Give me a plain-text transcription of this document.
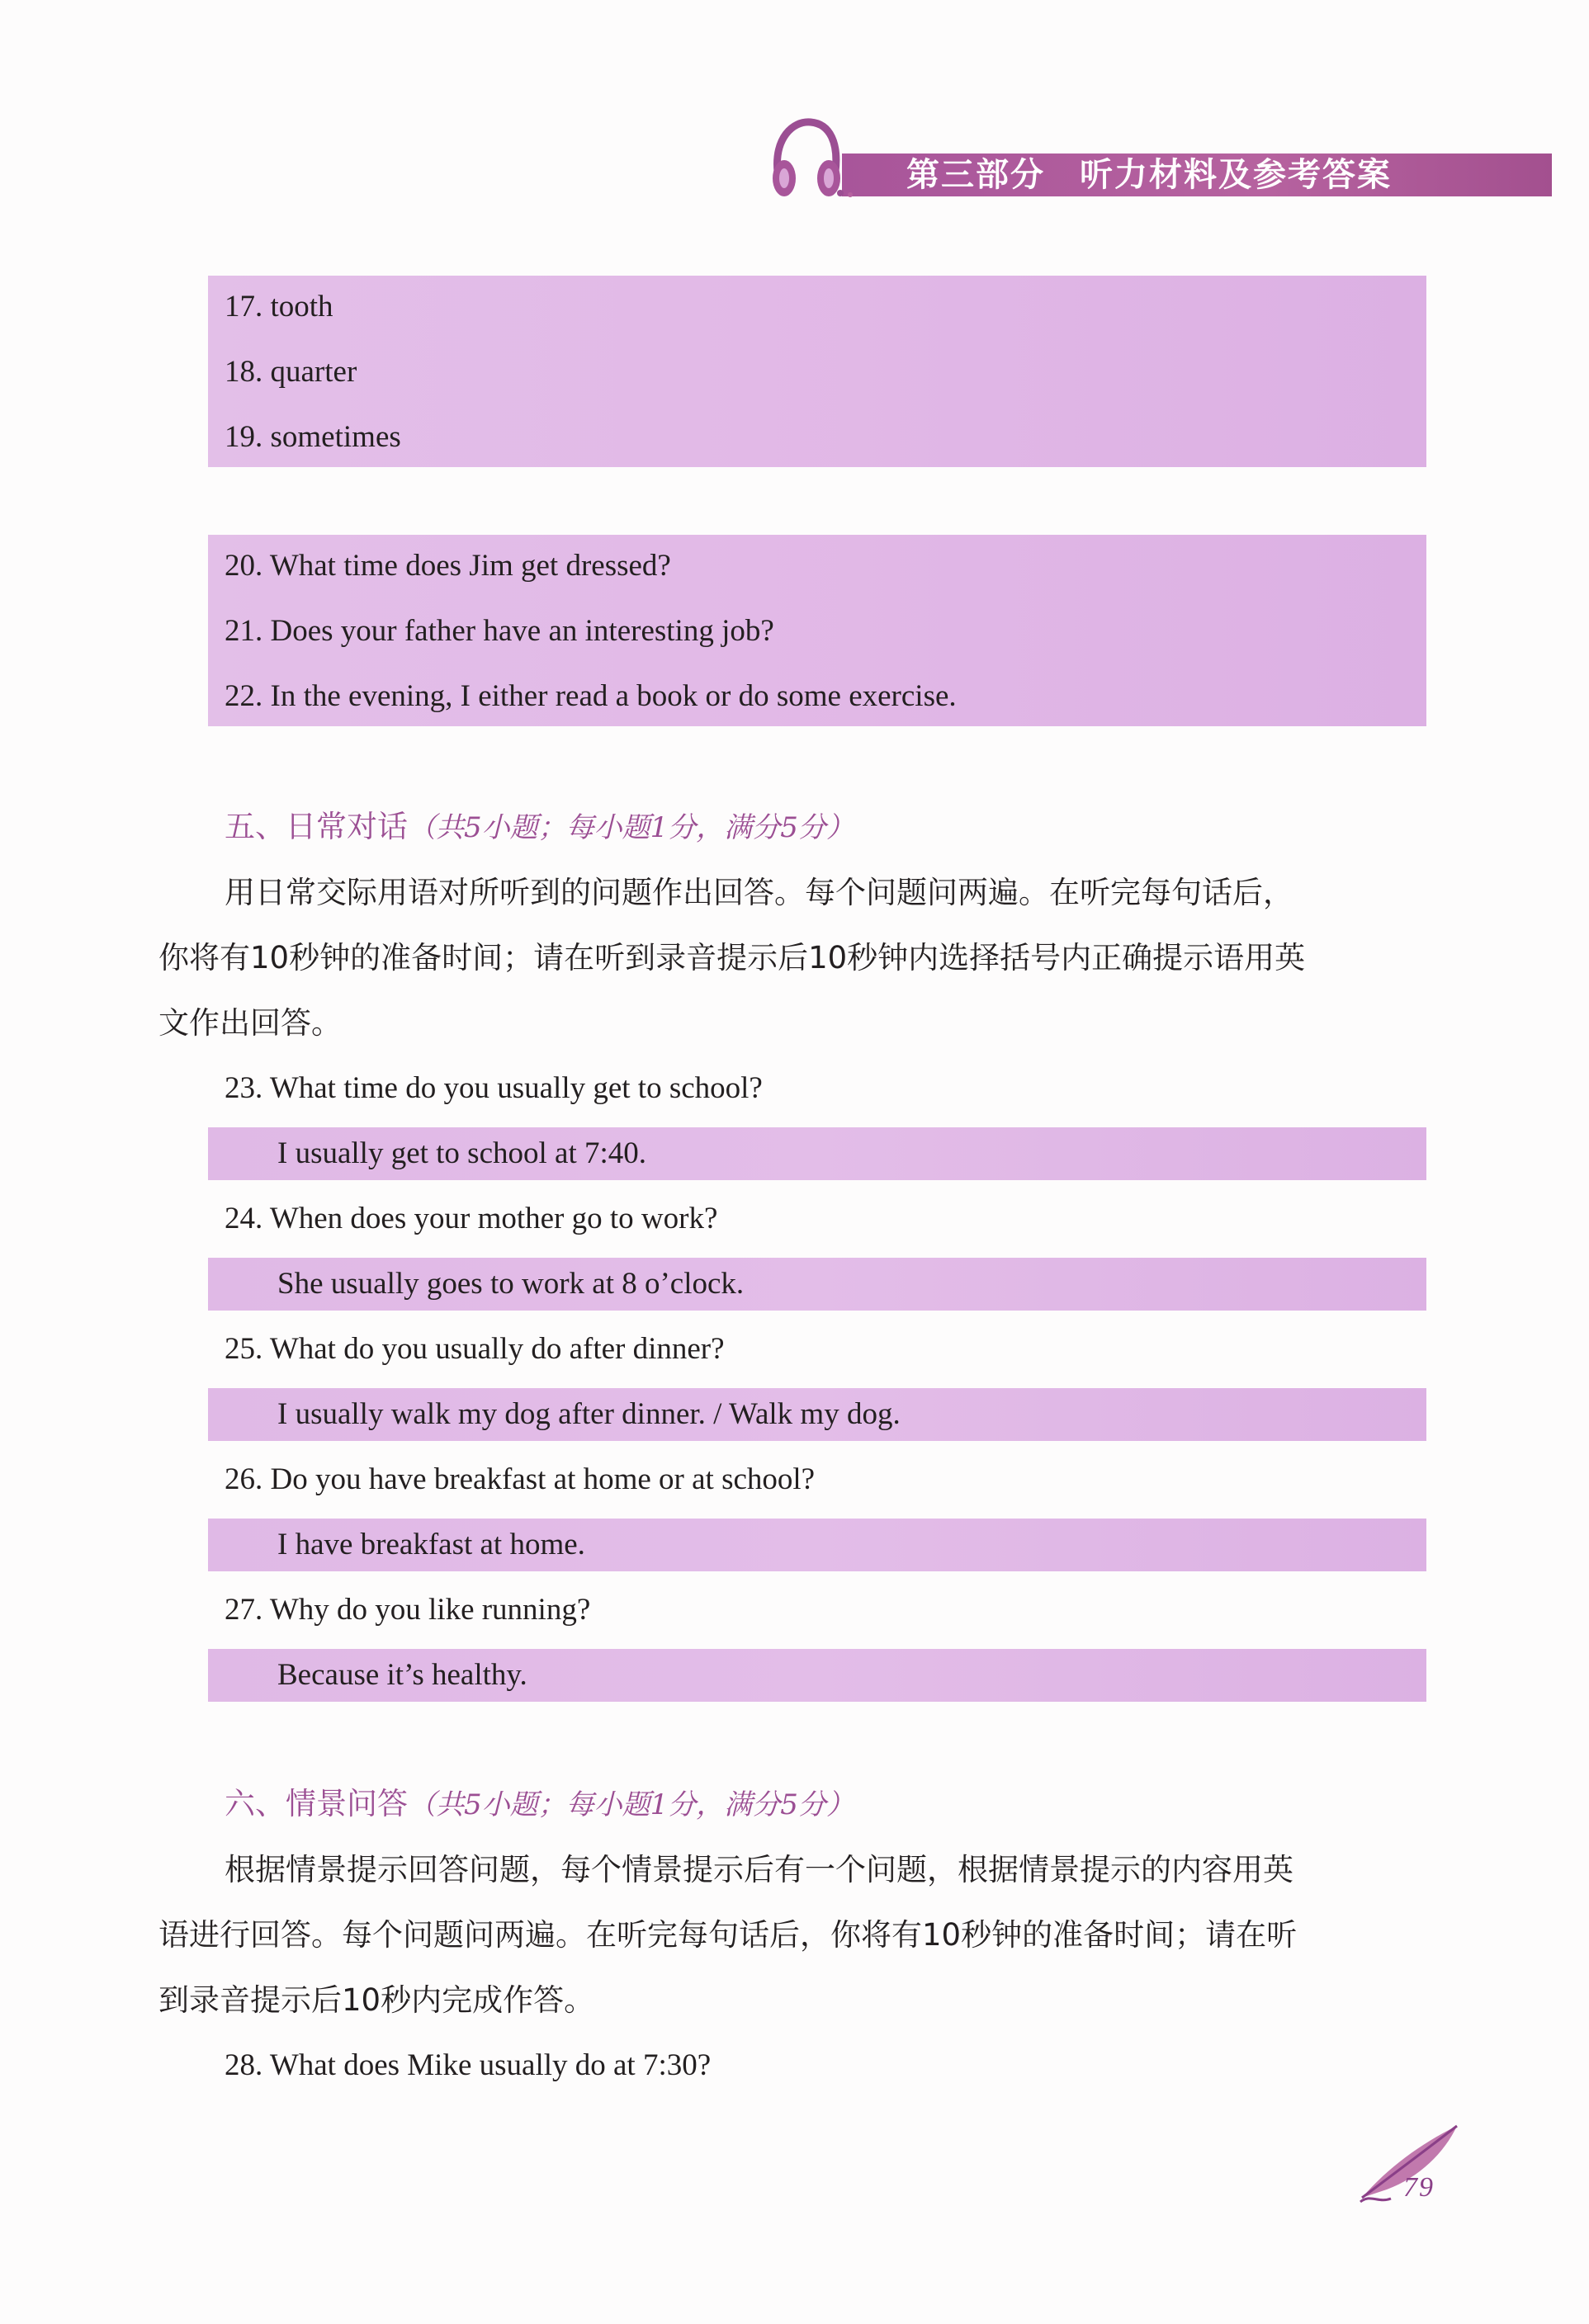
第三部分　听力材料及参考答案
17. tooth
18. quarter
19. sometimes
20. What time does Jim get dressed?
21. Does your father have an interesting job?
22. In the evening, I either read a book or do some exercise.
五、日常对话（共5小题；每小题1分，满分5分）
用日常交际用语对所听到的问题作出回答。每个问题问两遍。在听完每句话后，
你将有10秒钟的准备时间；请在听到录音提示后10秒钟内选择括号内正确提示语用英
文作出回答。
23. What time do you usually get to school?
I usually get to school at 7:40.
24. When does your mother go to work?
She usually goes to work at 8 o’clock.
25. What do you usually do after dinner?
I usually walk my dog after dinner. / Walk my dog.
26. Do you have breakfast at home or at school?
I have breakfast at home.
27. Why do you like running?
Because it’s healthy.
六、情景问答（共5小题；每小题1分，满分5分）
根据情景提示回答问题，每个情景提示后有一个问题，根据情景提示的内容用英
语进行回答。每个问题问两遍。在听完每句话后，你将有10秒钟的准备时间；请在听
到录音提示后10秒内完成作答。
28. What does Mike usually do at 7:30?
79
